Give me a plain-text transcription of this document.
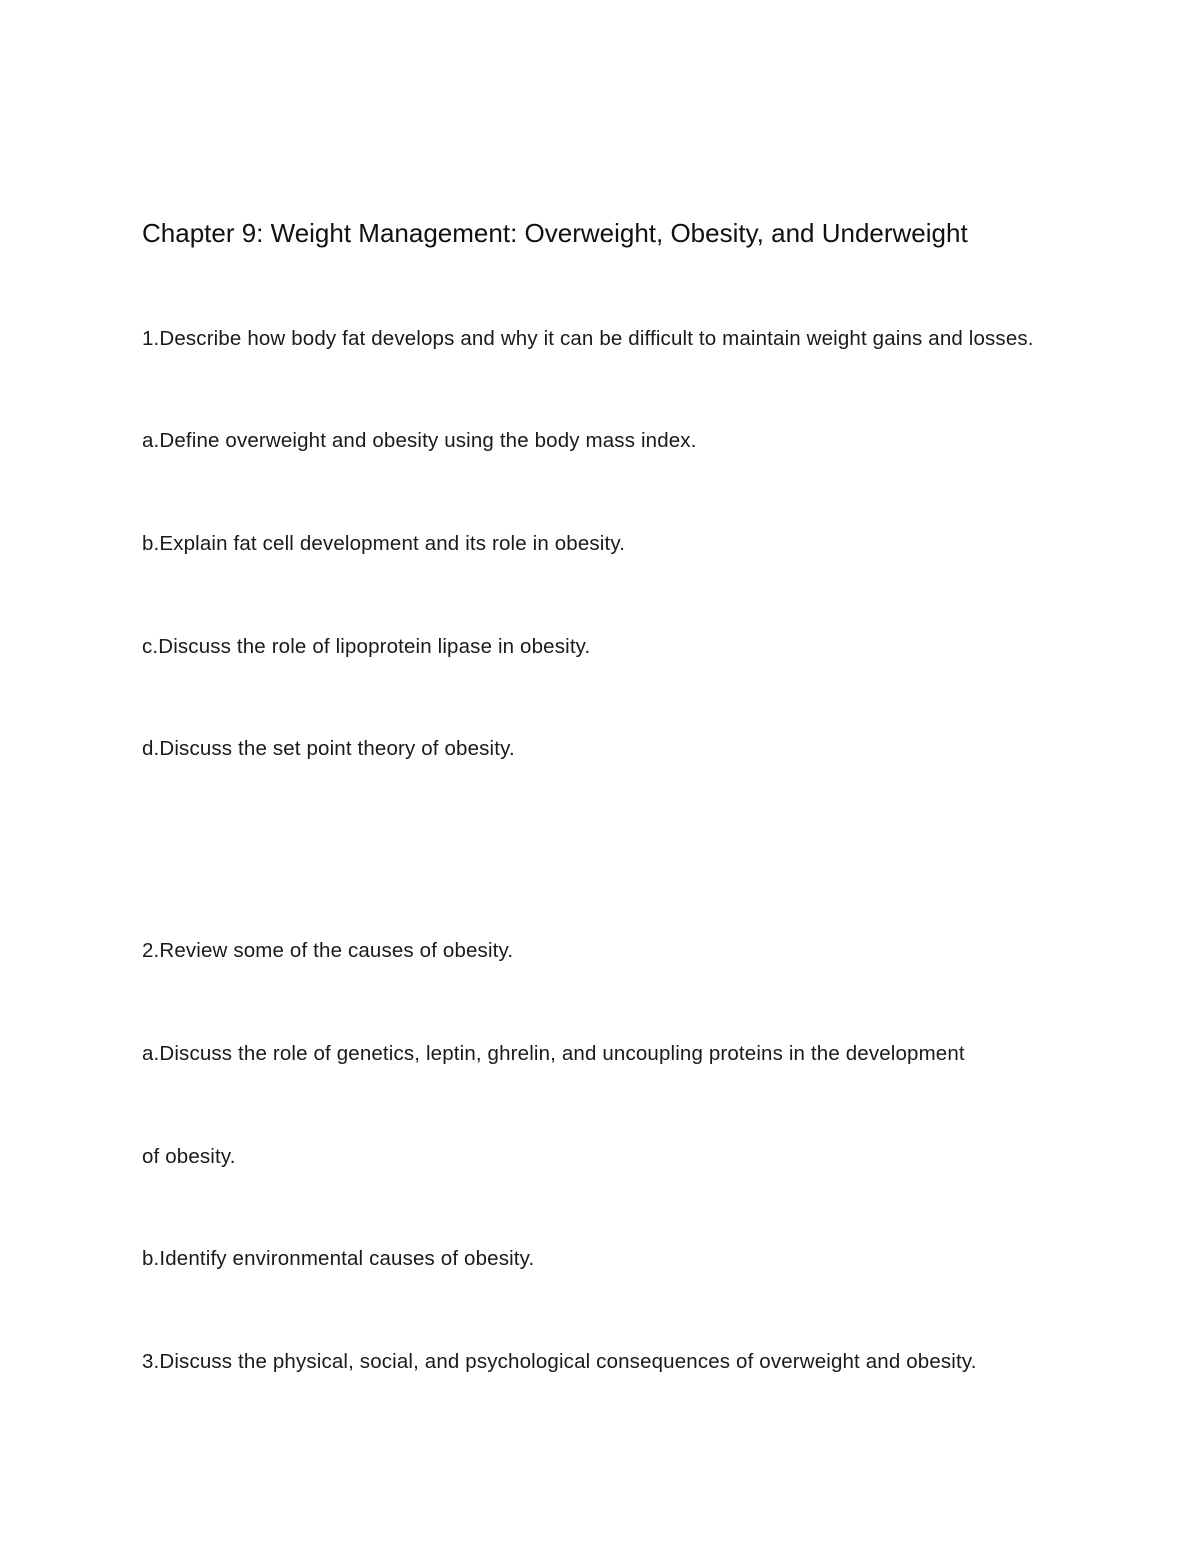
Chapter 9: Weight Management: Overweight, Obesity, and Underweight
1.Describe how body fat develops and why it can be difficult to maintain weight gains and losses.
a.Define overweight and obesity using the body mass index.
b.Explain fat cell development and its role in obesity.
c.Discuss the role of lipoprotein lipase in obesity.
d.Discuss the set point theory of obesity.
2.Review some of the causes of obesity.
a.Discuss the role of genetics, leptin, ghrelin, and uncoupling proteins in the development
of obesity.
b.Identify environmental causes of obesity.
3.Discuss the physical, social, and psychological consequences of overweight and obesity.
